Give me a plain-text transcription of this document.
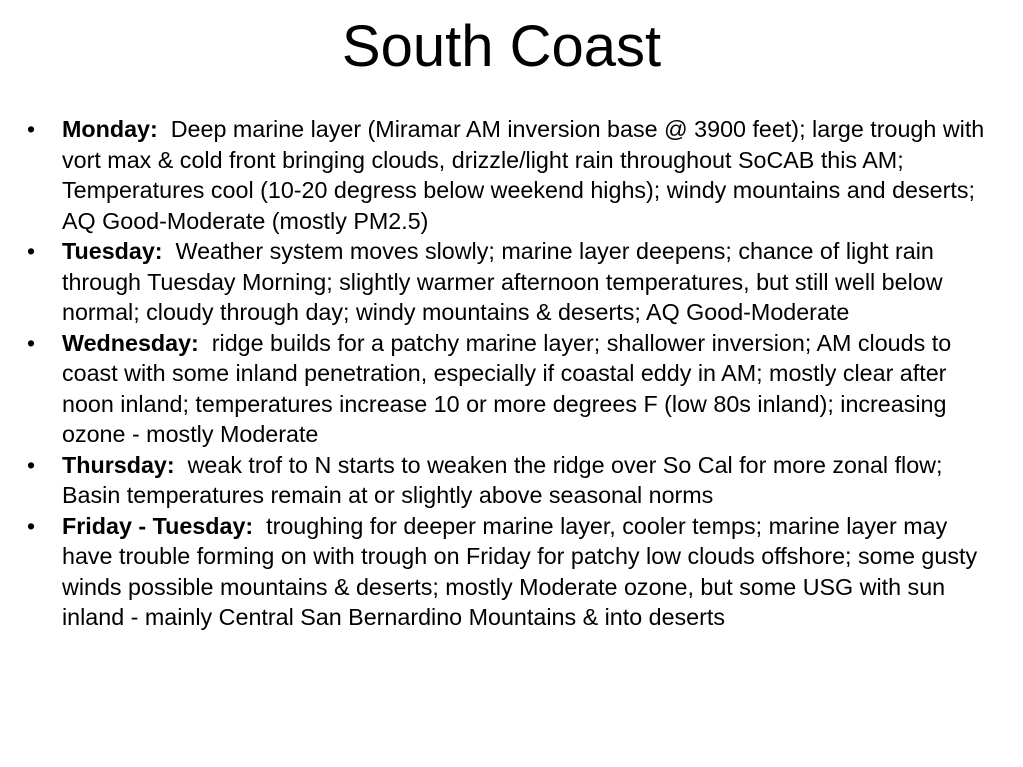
South Coast
• Monday: Deep marine layer (Miramar AM inversion base @ 3900 feet); large trough with vort max & cold front bringing clouds, drizzle/light rain throughout SoCAB this AM; Temperatures cool (10-20 degress below weekend highs); windy mountains and deserts; AQ Good-Moderate (mostly PM2.5)
• Tuesday: Weather system moves slowly; marine layer deepens; chance of light rain through Tuesday Morning; slightly warmer afternoon temperatures, but still well below normal; cloudy through day; windy mountains & deserts; AQ Good-Moderate
• Wednesday: ridge builds for a patchy marine layer; shallower inversion; AM clouds to coast with some inland penetration, especially if coastal eddy in AM; mostly clear after noon inland; temperatures increase 10 or more degrees F (low 80s inland); increasing ozone - mostly Moderate
• Thursday: weak trof to N starts to weaken the ridge over So Cal for more zonal flow; Basin temperatures remain at or slightly above seasonal norms
• Friday - Tuesday: troughing for deeper marine layer, cooler temps; marine layer may have trouble forming on with trough on Friday for patchy low clouds offshore; some gusty winds possible mountains & deserts; mostly Moderate ozone, but some USG with sun inland - mainly Central San Bernardino Mountains & into deserts
